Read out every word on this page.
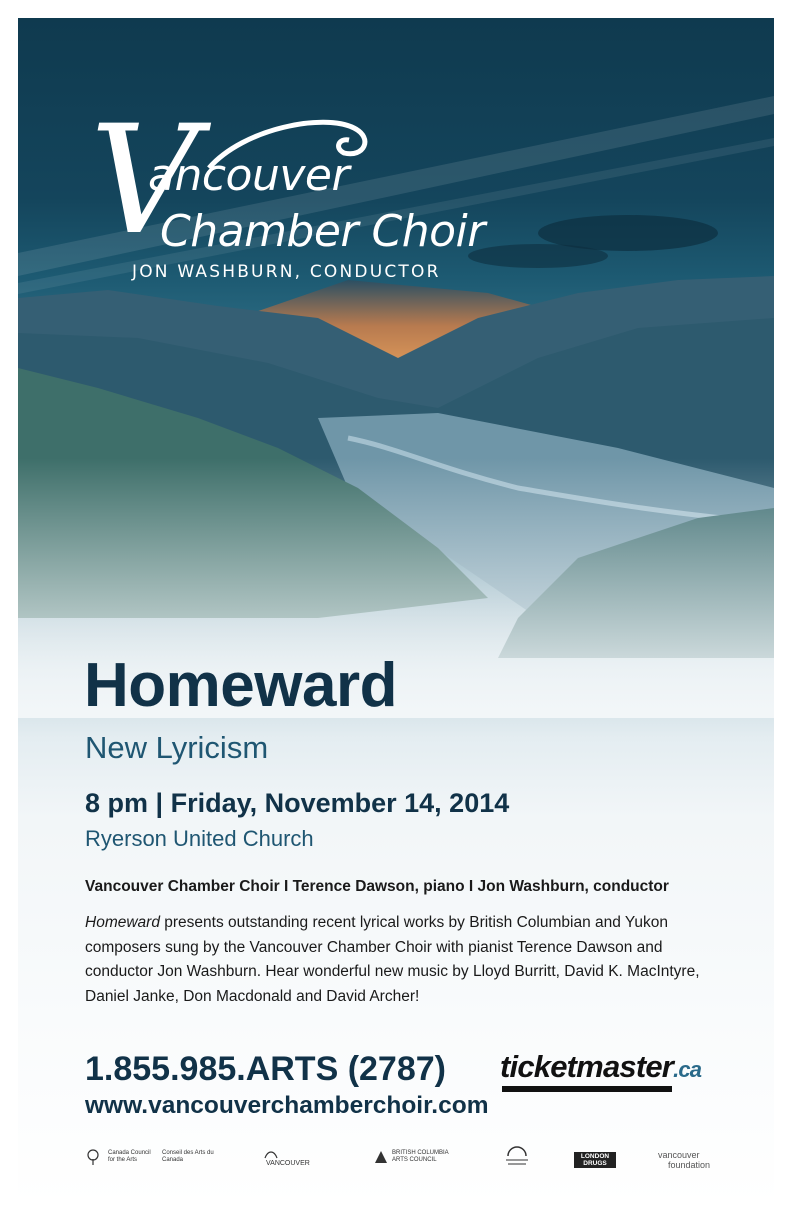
V
ancouver
Chamber Choir
JON WASHBURN, CONDUCTOR
Homeward
New Lyricism
8 pm | Friday, November 14, 2014
Ryerson United Church
Vancouver Chamber Choir I Terence Dawson, piano I Jon Washburn, conductor
Homeward presents outstanding recent lyrical works by British Columbian and Yukon composers sung by the Vancouver Chamber Choir with pianist Terence Dawson and conductor Jon Washburn. Hear wonderful new music by Lloyd Burritt, David K. MacIntyre, Daniel Janke, Don Macdonald and David Archer!
1.855.985.ARTS (2787) ticketmaster.ca
www.vancouverchamberchoir.com
Canada Council for the Arts
Conseil des Arts du Canada	VANCOUVER
BRITISH COLUMBIA ARTS COUNCIL	LONDON DRUGS
vancouver
foundation
